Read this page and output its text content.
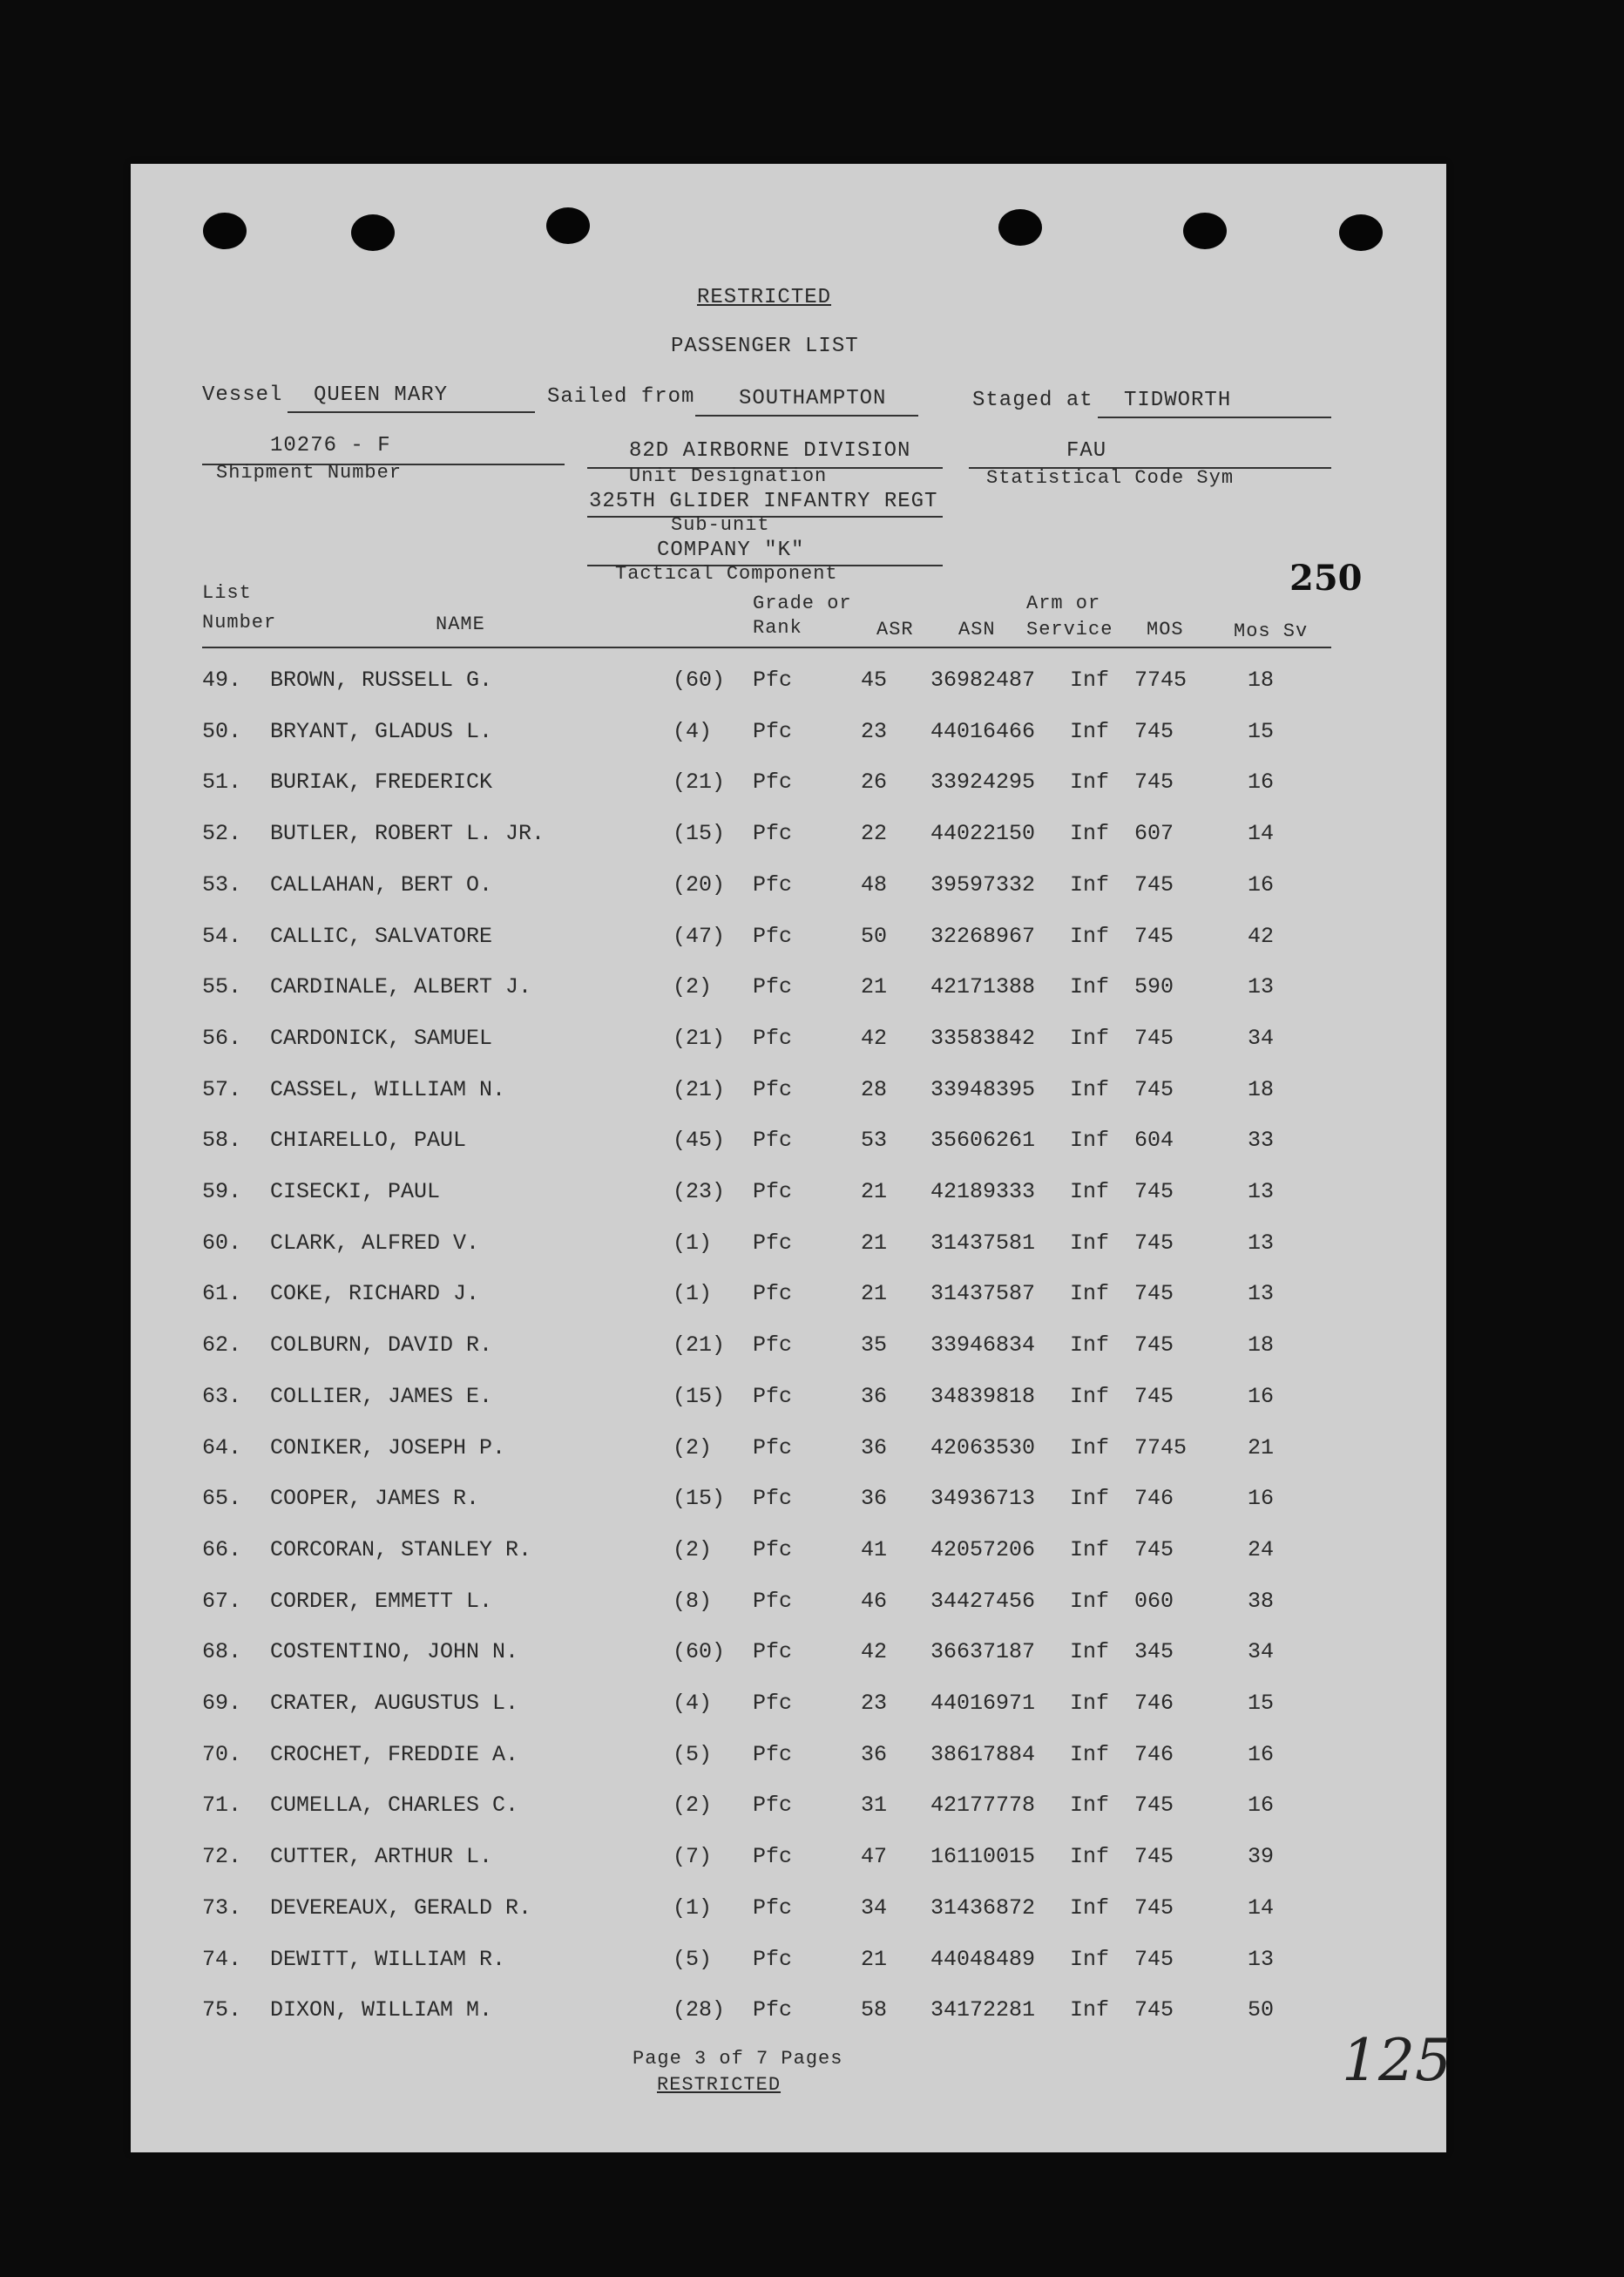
RESTRICTED
PASSENGER LIST
Vessel QUEEN MARY	Sailed from SOUTHAMPTON	Staged at TIDWORTH
10276 - F
Shipment Number
82D AIRBORNE DIVISION
Unit Designation
325TH GLIDER INFANTRY REGT
Sub-unit
COMPANY "K"
Tactical Component
FAU
Statistical Code Sym
250
List
Number	NAME
Grade or
Rank	ASR ASN
Arm or
Service MOS	Mos Sv
49. BROWN, RUSSELL G.	(60) Pfc	45 36982487 Inf 7745	18
50. BRYANT, GLADUS L.	(4) Pfc	23 44016466 Inf 745	15
51. BURIAK, FREDERICK	(21) Pfc	26 33924295 Inf 745	16
52. BUTLER, ROBERT L. JR.	(15) Pfc	22 44022150 Inf 607	14
53. CALLAHAN, BERT O.	(20) Pfc	48 39597332 Inf 745	16
54. CALLIC, SALVATORE	(47) Pfc	50 32268967 Inf 745	42
55. CARDINALE, ALBERT J.	(2) Pfc	21 42171388 Inf 590	13
56. CARDONICK, SAMUEL	(21) Pfc	42 33583842 Inf 745	34
57. CASSEL, WILLIAM N.	(21) Pfc	28 33948395 Inf 745	18
58. CHIARELLO, PAUL	(45) Pfc	53 35606261 Inf 604	33
59. CISECKI, PAUL	(23) Pfc	21 42189333 Inf 745	13
60. CLARK, ALFRED V.	(1) Pfc	21 31437581 Inf 745	13
61. COKE, RICHARD J.	(1) Pfc	21 31437587 Inf 745	13
62. COLBURN, DAVID R.	(21) Pfc	35 33946834 Inf 745	18
63. COLLIER, JAMES E.	(15) Pfc	36 34839818 Inf 745	16
64. CONIKER, JOSEPH P.	(2) Pfc	36 42063530 Inf 7745	21
65. COOPER, JAMES R.	(15) Pfc	36 34936713 Inf 746	16
66. CORCORAN, STANLEY R.	(2) Pfc	41 42057206 Inf 745	24
67. CORDER, EMMETT L.	(8) Pfc	46 34427456 Inf 060	38
68. COSTENTINO, JOHN N.	(60) Pfc	42 36637187 Inf 345	34
69. CRATER, AUGUSTUS L.	(4) Pfc	23 44016971 Inf 746	15
70. CROCHET, FREDDIE A.	(5) Pfc	36 38617884 Inf 746	16
71. CUMELLA, CHARLES C.	(2) Pfc	31 42177778 Inf 745	16
72. CUTTER, ARTHUR L.	(7) Pfc	47 16110015 Inf 745	39
73. DEVEREAUX, GERALD R.	(1) Pfc	34 31436872 Inf 745	14
74. DEWITT, WILLIAM R.	(5) Pfc	21 44048489 Inf 745	13
75. DIXON, WILLIAM M.	(28) Pfc	58 34172281 Inf 745	50
Page 3 of 7 Pages
RESTRICTED	125
